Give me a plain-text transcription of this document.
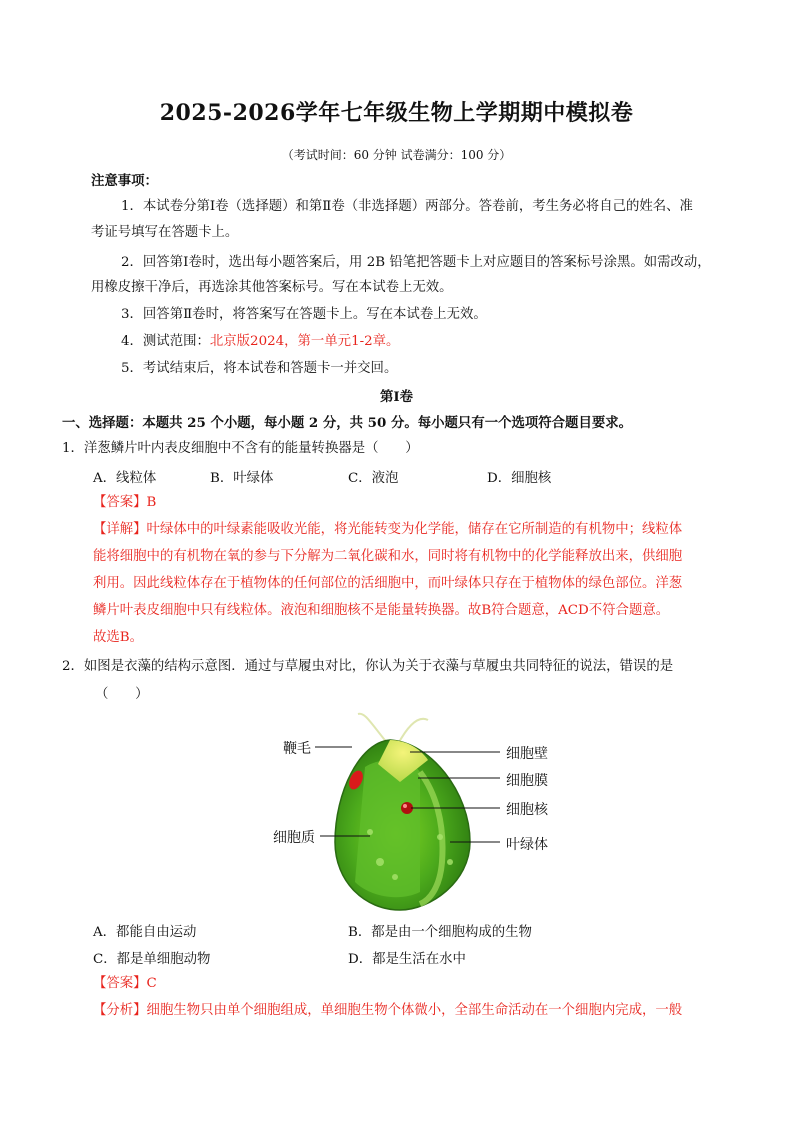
2025-2026学年七年级生物上学期期中模拟卷
（考试时间：60 分钟 试卷满分：100 分）
注意事项：
1．本试卷分第Ⅰ卷（选择题）和第Ⅱ卷（非选择题）两部分。答卷前，考生务必将自己的姓名、准
考证号填写在答题卡上。
2．回答第Ⅰ卷时，选出每小题答案后，用 2B 铅笔把答题卡上对应题目的答案标号涂黑。如需改动，
用橡皮擦干净后，再选涂其他答案标号。写在本试卷上无效。
3．回答第Ⅱ卷时，将答案写在答题卡上。写在本试卷上无效。
4．测试范围：北京版2024，第一单元1-2章。
5．考试结束后，将本试卷和答题卡一并交回。
第Ⅰ卷
一、选择题：本题共 25 个小题，每小题 2 分，共 50 分。每小题只有一个选项符合题目要求。
1．洋葱鳞片叶内表皮细胞中不含有的能量转换器是（　　）
A．线粒体	B．叶绿体	C．液泡	D．细胞核
【答案】B
【详解】叶绿体中的叶绿素能吸收光能，将光能转变为化学能，储存在它所制造的有机物中；线粒体
能将细胞中的有机物在氧的参与下分解为二氧化碳和水，同时将有机物中的化学能释放出来，供细胞
利用。因此线粒体存在于植物体的任何部位的活细胞中，而叶绿体只存在于植物体的绿色部位。洋葱
鳞片叶表皮细胞中只有线粒体。液泡和细胞核不是能量转换器。故B符合题意，ACD不符合题意。
故选B。
2．如图是衣藻的结构示意图．通过与草履虫对比，你认为关于衣藻与草履虫共同特征的说法，错误的是
（　　）
鞭毛	细胞壁
细胞膜
细胞核
细胞质	叶绿体
A．都能自由运动	B．都是由一个细胞构成的生物
C．都是单细胞动物	D．都是生活在水中
【答案】C
【分析】细胞生物只由单个细胞组成，单细胞生物个体微小，全部生命活动在一个细胞内完成，一般
